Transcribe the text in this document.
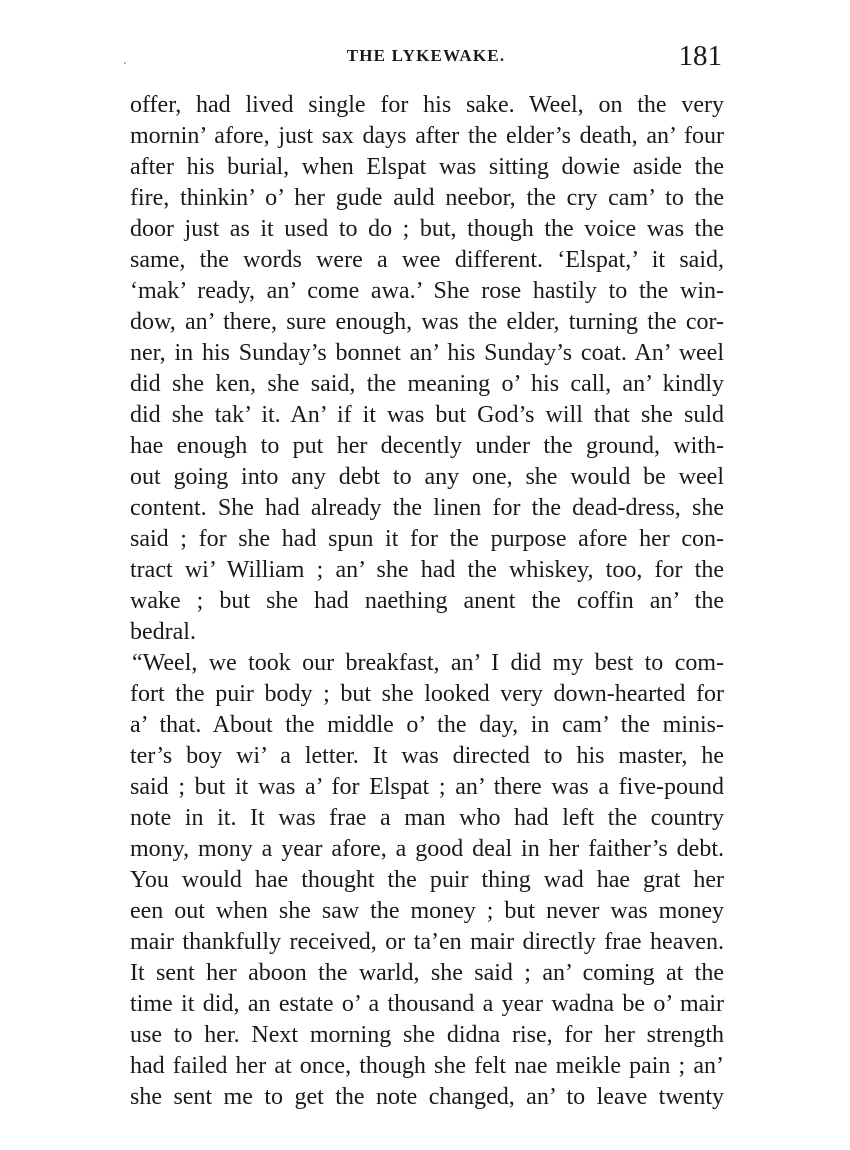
THE LYKEWAKE.	181
offer, had lived single for his sake. Weel, on the very
mornin’ afore, just sax days after the elder’s death, an’ four
after his burial, when Elspat was sitting dowie aside the
fire, thinkin’ o’ her gude auld neebor, the cry cam’ to the
door just as it used to do ; but, though the voice was the
same, the words were a wee different. ‘Elspat,’ it said,
‘mak’ ready, an’ come awa.’ She rose hastily to the win-
dow, an’ there, sure enough, was the elder, turning the cor-
ner, in his Sunday’s bonnet an’ his Sunday’s coat. An’ weel
did she ken, she said, the meaning o’ his call, an’ kindly
did she tak’ it. An’ if it was but God’s will that she suld
hae enough to put her decently under the ground, with-
out going into any debt to any one, she would be weel
content. She had already the linen for the dead-dress, she
said ; for she had spun it for the purpose afore her con-
tract wi’ William ; an’ she had the whiskey, too, for the
wake ; but she had naething anent the coffin an’ the
bedral.
“Weel, we took our breakfast, an’ I did my best to com-
fort the puir body ; but she looked very down-hearted for
a’ that. About the middle o’ the day, in cam’ the minis-
ter’s boy wi’ a letter. It was directed to his master, he
said ; but it was a’ for Elspat ; an’ there was a five-pound
note in it. It was frae a man who had left the country
mony, mony a year afore, a good deal in her faither’s debt.
You would hae thought the puir thing wad hae grat her
een out when she saw the money ; but never was money
mair thankfully received, or ta’en mair directly frae heaven.
It sent her aboon the warld, she said ; an’ coming at the
time it did, an estate o’ a thousand a year wadna be o’ mair
use to her. Next morning she didna rise, for her strength
had failed her at once, though she felt nae meikle pain ; an’
she sent me to get the note changed, an’ to leave twenty
